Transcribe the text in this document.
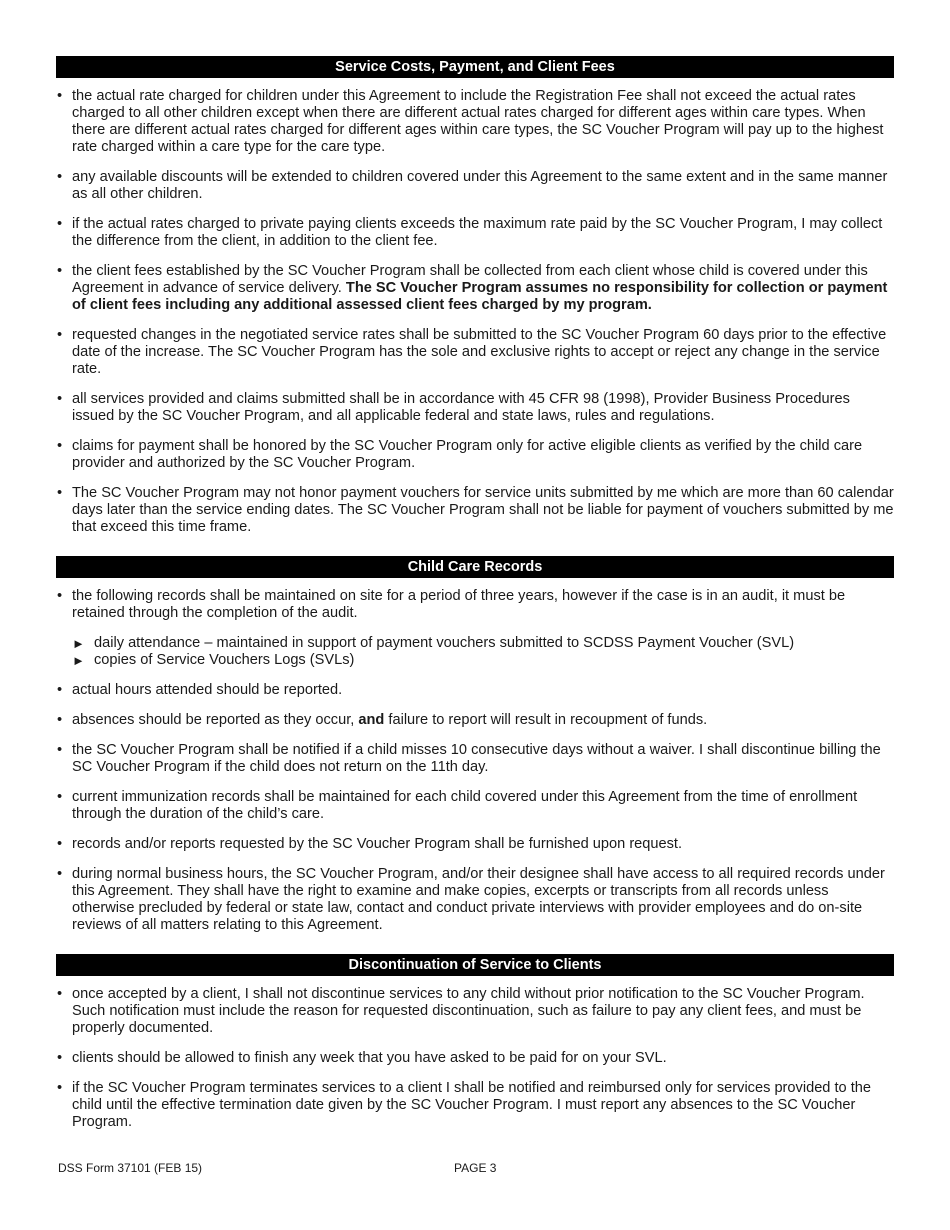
Service Costs, Payment, and Client Fees
• the actual rate charged for children under this Agreement to include the Registration Fee shall not exceed the actual rates charged to all other children except when there are different actual rates charged for different ages within care types. When there are different actual rates charged for different ages within care types, the SC Voucher Program will pay up to the highest rate charged within a care type for the care type.
• any available discounts will be extended to children covered under this Agreement to the same extent and in the same manner as all other children.
• if the actual rates charged to private paying clients exceeds the maximum rate paid by the SC Voucher Program, I may collect the difference from the client, in addition to the client fee.
• the client fees established by the SC Voucher Program shall be collected from each client whose child is covered under this Agreement in advance of service delivery. The SC Voucher Program assumes no responsibility for collection or payment of client fees including any additional assessed client fees charged by my program.
• requested changes in the negotiated service rates shall be submitted to the SC Voucher Program 60 days prior to the effective date of the increase. The SC Voucher Program has the sole and exclusive rights to accept or reject any change in the service rate.
• all services provided and claims submitted shall be in accordance with 45 CFR 98 (1998), Provider Business Procedures issued by the SC Voucher Program, and all applicable federal and state laws, rules and regulations.
• claims for payment shall be honored by the SC Voucher Program only for active eligible clients as verified by the child care provider and authorized by the SC Voucher Program.
• The SC Voucher Program may not honor payment vouchers for service units submitted by me which are more than 60 calendar days later than the service ending dates. The SC Voucher Program shall not be liable for payment of vouchers submitted by me that exceed this time frame.
Child Care Records
• the following records shall be maintained on site for a period of three years, however if the case is in an audit, it must be retained through the completion of the audit.
► daily attendance – maintained in support of payment vouchers submitted to SCDSS Payment Voucher (SVL)
► copies of Service Vouchers Logs (SVLs)
• actual hours attended should be reported.
• absences should be reported as they occur, and failure to report will result in recoupment of funds.
• the SC Voucher Program shall be notified if a child misses 10 consecutive days without a waiver. I shall discontinue billing the SC Voucher Program if the child does not return on the 11th day.
• current immunization records shall be maintained for each child covered under this Agreement from the time of enrollment through the duration of the child’s care.
• records and/or reports requested by the SC Voucher Program shall be furnished upon request.
• during normal business hours, the SC Voucher Program, and/or their designee shall have access to all required records under this Agreement. They shall have the right to examine and make copies, excerpts or transcripts from all records unless otherwise precluded by federal or state law, contact and conduct private interviews with provider employees and do on-site reviews of all matters relating to this Agreement.
Discontinuation of Service to Clients
• once accepted by a client, I shall not discontinue services to any child without prior notification to the SC Voucher Program. Such notification must include the reason for requested discontinuation, such as failure to pay any client fees, and must be properly documented.
• clients should be allowed to finish any week that you have asked to be paid for on your SVL.
• if the SC Voucher Program terminates services to a client I shall be notified and reimbursed only for services provided to the child until the effective termination date given by the SC Voucher Program. I must report any absences to the SC Voucher Program.
DSS Form 37101 (FEB 15)	PAGE 3
